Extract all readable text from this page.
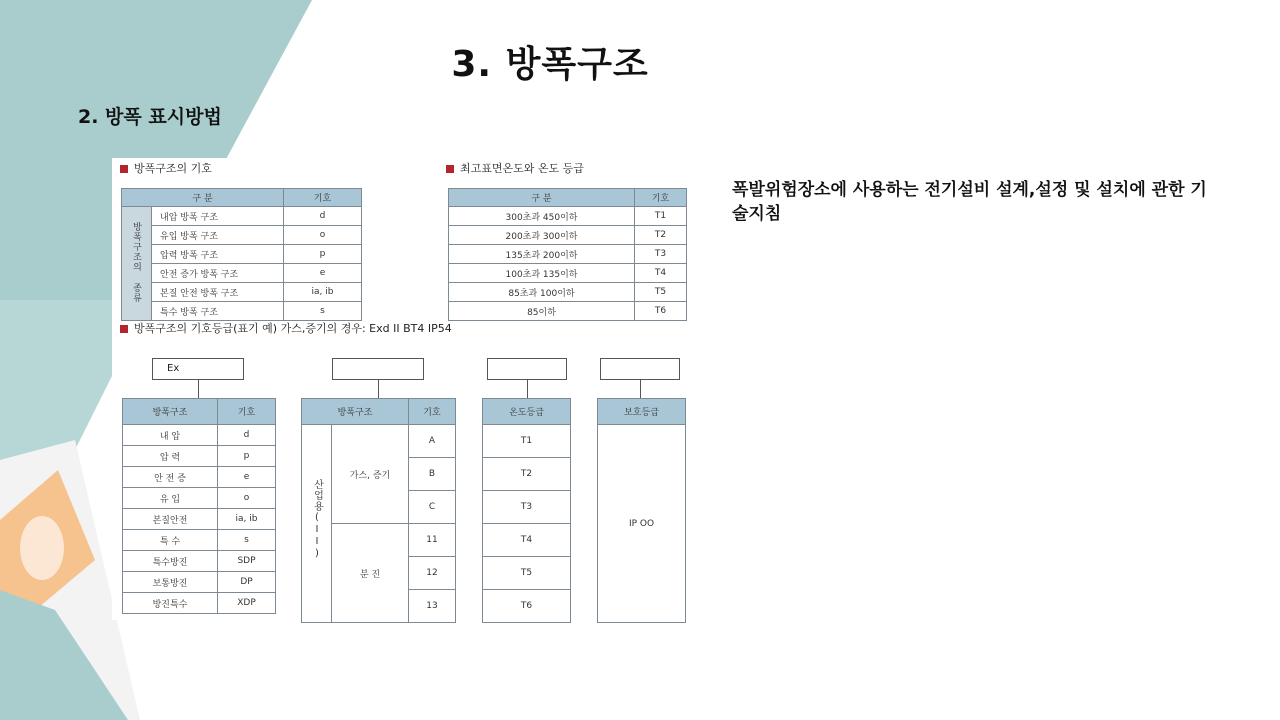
3. 방폭구조
2. 방폭 표시방법
폭발위험장소에 사용하는 전기설비 설계,설정 및 설치에 관한 기술지침
방폭구조의 기호
구 분		기호
방폭구조의 종류	내압 방폭 구조	d
	유입 방폭 구조	o
	압력 방폭 구조	p
	안전 증가 방폭 구조	e
	본질 안전 방폭 구조	ia, ib
	특수 방폭 구조	s
최고표면온도와 온도 등급
구 분	기호
300초과 450이하	T1
200초과 300이하	T2
135초과 200이하	T3
100초과 135이하	T4
85초과 100이하	T5
85이하	T6
방폭구조의 기호등급(표기 예) 가스,증기의 경우: Exd II BT4 IP54
Ex
방폭구조	기호
내 압	d
압 력	p
안 전 증	e
유 입	o
본질안전	ia, ib
특 수	s
특수방진	SDP
보통방진	DP
방진특수	XDP
방폭구조		기호
산업용(II)	가스, 증기	A
		B
		C
	분 진	11
		12
		13
온도등급
T1
T2
T3
T4
T5
T6
보호등급
IP OO
